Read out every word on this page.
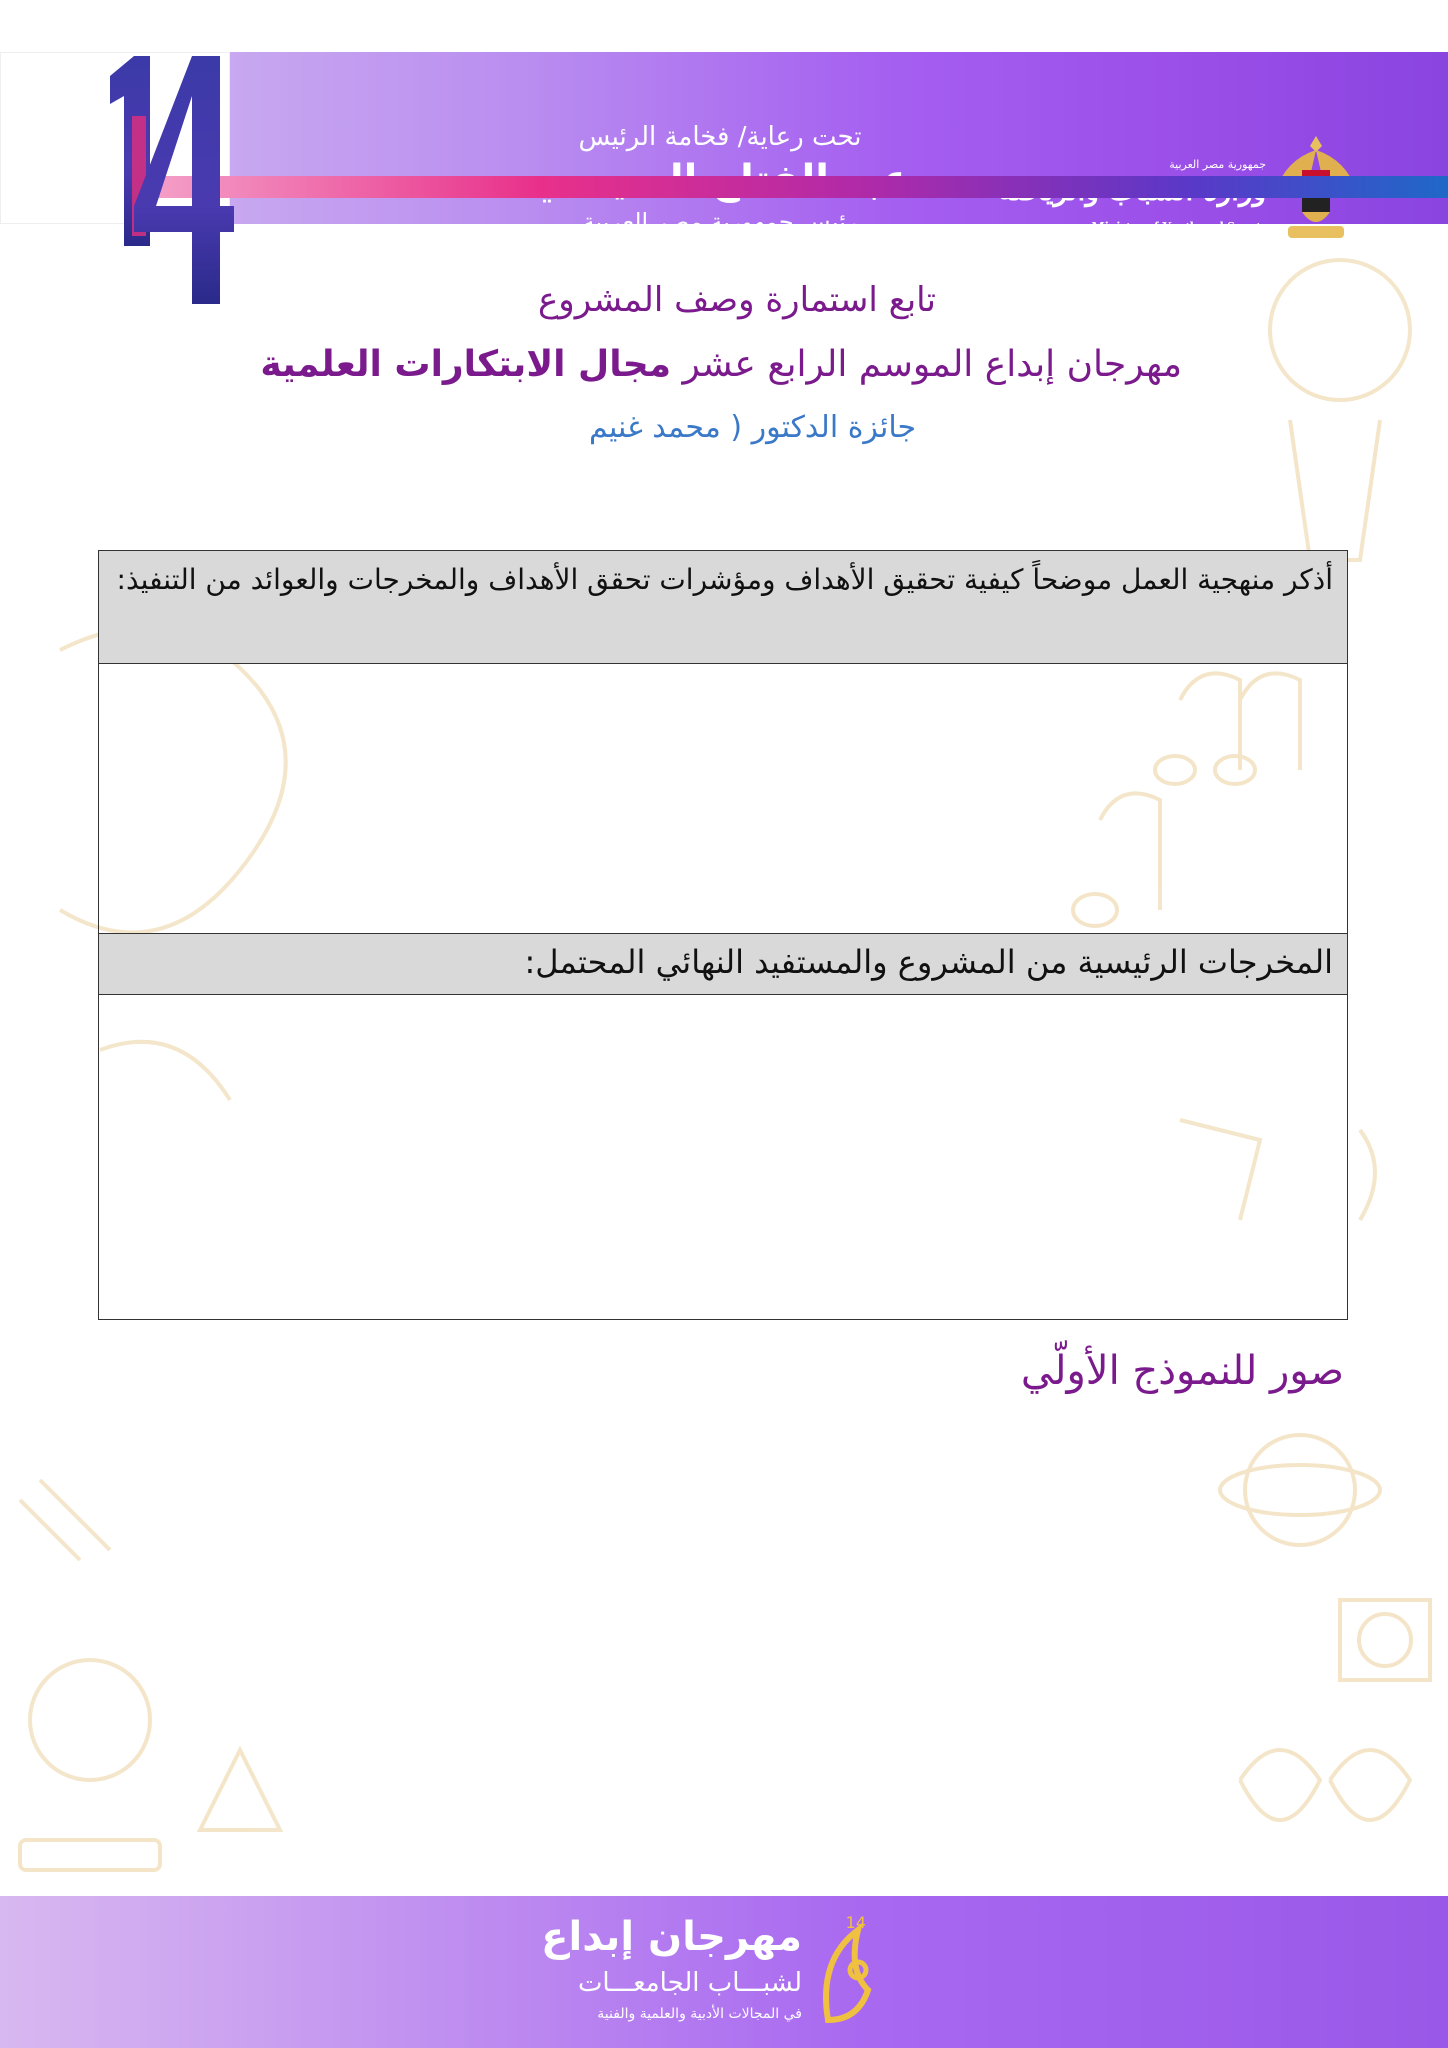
تحت رعاية/ فخامة الرئيس
رئيس جمهورية مصر العربية
جمهورية مصر العربية
Ministry of Youth and Sports
تابع استمارة وصف المشروع
مهرجان إبداع الموسم الرابع عشر مجال الابتكارات العلمية
جائزة الدكتور ( محمد غنيم
أذكر منهجية العمل موضحاً كيفية تحقيق الأهداف ومؤشرات تحقق الأهداف والمخرجات والعوائد من التنفيذ:
المخرجات الرئيسية من المشروع والمستفيد النهائي المحتمل:
صور للنموذج الأولّي
مهرجان إبداع
لشبـــاب الجامعـــات
في المجالات الأدبية والعلمية والفنية
14
